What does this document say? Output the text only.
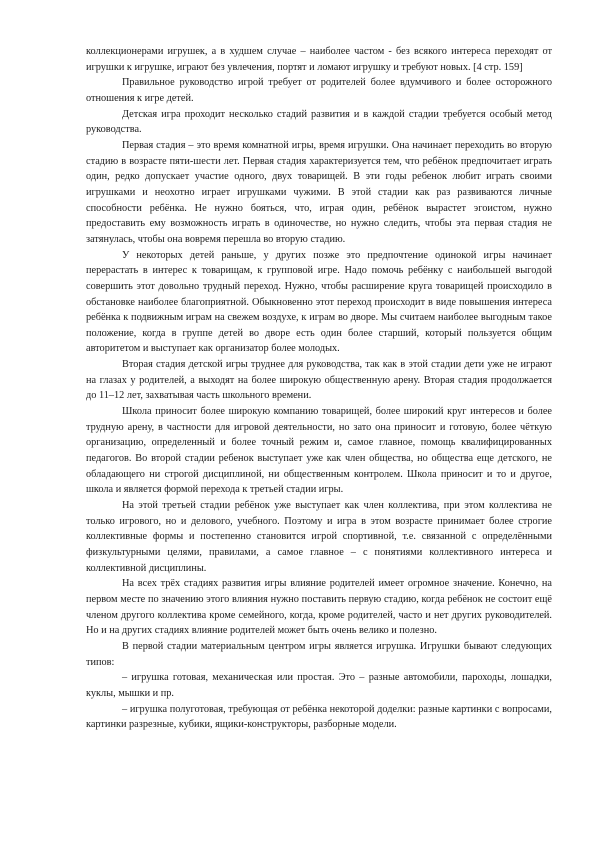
коллекционерами игрушек, а в худшем случае – наиболее частом - без всякого интереса переходят от игрушки к игрушке, играют без увлечения, портят и ломают игрушку и требуют новых. [4 стр. 159]

Правильное руководство игрой требует от родителей более вдумчивого и более осторожного отношения к игре детей.

Детская игра проходит несколько стадий развития и в каждой стадии требуется особый метод руководства.

Первая стадия – это время комнатной игры, время игрушки. Она начинает переходить во вторую стадию в возрасте пяти-шести лет. Первая стадия характеризуется тем, что ребёнок предпочитает играть один, редко допускает участие одного, двух товарищей. В эти годы ребенок любит играть своими игрушками и неохотно играет игрушками чужими. В этой стадии как раз развиваются личные способности ребёнка. Не нужно бояться, что, играя один, ребёнок вырастет эгоистом, нужно предоставить ему возможность играть в одиночестве, но нужно следить, чтобы эта первая стадия не затянулась, чтобы она вовремя перешла во вторую стадию.

У некоторых детей раньше, у других позже это предпочтение одинокой игры начинает перерастать в интерес к товарищам, к групповой игре. Надо помочь ребёнку с наибольшей выгодой совершить этот довольно трудный переход. Нужно, чтобы расширение круга товарищей происходило в обстановке наиболее благоприятной. Обыкновенно этот переход происходит в виде повышения интереса ребёнка к подвижным играм на свежем воздухе, к играм во дворе. Мы считаем наиболее выгодным такое положение, когда в группе детей во дворе есть один более старший, который пользуется общим авторитетом и выступает как организатор более молодых.

Вторая стадия детской игры труднее для руководства, так как в этой стадии дети уже не играют на глазах у родителей, а выходят на более широкую общественную арену. Вторая стадия продолжается до 11–12 лет, захватывая часть школьного времени.

Школа приносит более широкую компанию товарищей, более широкий круг интересов и более трудную арену, в частности для игровой деятельности, но зато она приносит и готовую, более чёткую организацию, определенный и более точный режим и, самое главное, помощь квалифицированных педагогов. Во второй стадии ребенок выступает уже как член общества, но общества еще детского, не обладающего ни строгой дисциплиной, ни общественным контролем. Школа приносит и то и другое, школа и является формой перехода к третьей стадии игры.

На этой третьей стадии ребёнок уже выступает как член коллектива, при этом коллектива не только игрового, но и делового, учебного. Поэтому и игра в этом возрасте принимает более строгие коллективные формы и постепенно становится игрой спортивной, т.е. связанной с определёнными физкультурными целями, правилами, а самое главное – с понятиями коллективного интереса и коллективной дисциплины.

На всех трёх стадиях развития игры влияние родителей имеет огромное значение. Конечно, на первом месте по значению этого влияния нужно поставить первую стадию, когда ребёнок не состоит ещё членом другого коллектива кроме семейного, когда, кроме родителей, часто и нет других руководителей. Но и на других стадиях влияние родителей может быть очень велико и полезно.

В первой стадии материальным центром игры является игрушка. Игрушки бывают следующих типов:

– игрушка готовая, механическая или простая. Это – разные автомобили, пароходы, лошадки, куклы, мышки и пр.

– игрушка полуготовая, требующая от ребёнка некоторой доделки: разные картинки с вопросами, картинки разрезные, кубики, ящики-конструкторы, разборные модели.
